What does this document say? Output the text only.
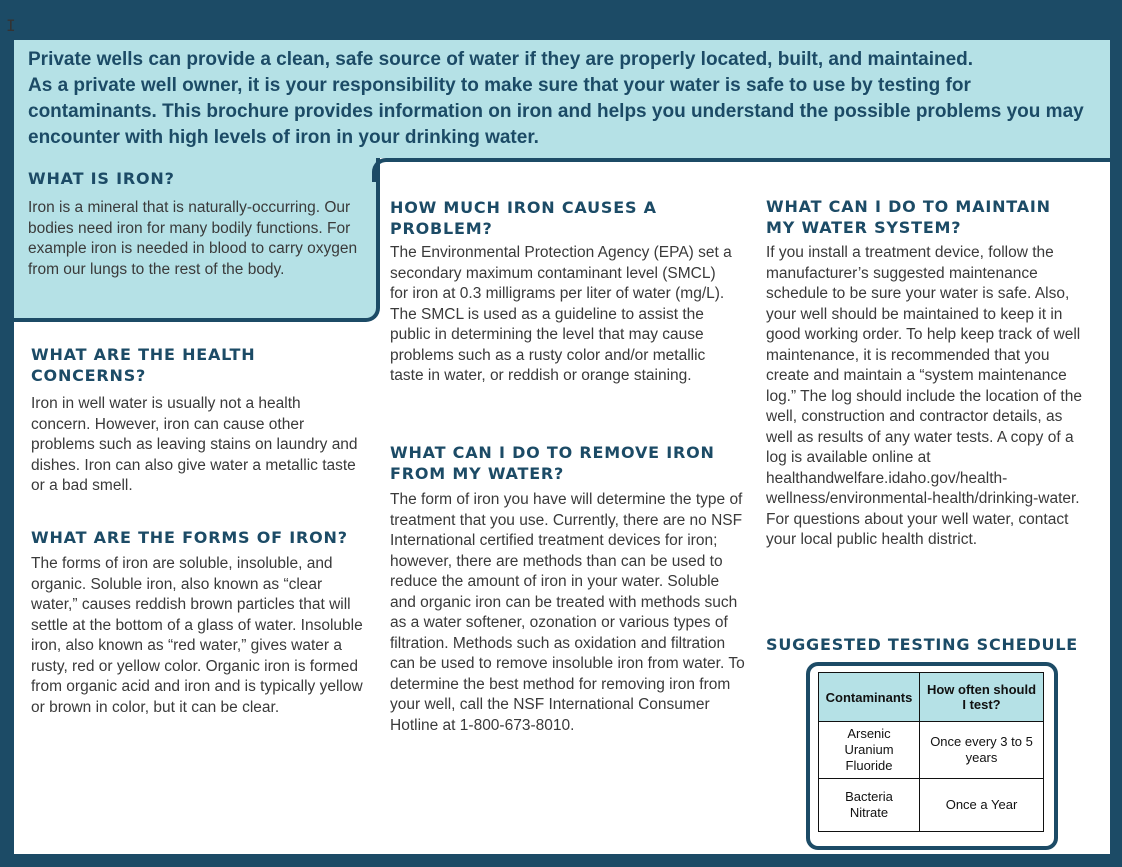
I

Private wells can provide a clean, safe source of water if they are properly located, built, and maintained.

As a private well owner, it is your responsibility to make sure that your water is safe to use by testing for contaminants. This brochure provides information on iron and helps you understand the possible problems you may encounter with high levels of iron in your drinking water.

WHAT IS IRON?

Iron is a mineral that is naturally-occurring. Our bodies need iron for many bodily functions. For example iron is needed in blood to carry oxygen from our lungs to the rest of the body.

WHAT ARE THE HEALTH CONCERNS?

Iron in well water is usually not a health concern. However, iron can cause other problems such as leaving stains on laundry and dishes. Iron can also give water a metallic taste or a bad smell.

WHAT ARE THE FORMS OF IRON?

The forms of iron are soluble, insoluble, and organic. Soluble iron, also known as “clear water,” causes reddish brown particles that will settle at the bottom of a glass of water. Insoluble iron, also known as “red water,” gives water a rusty, red or yellow color. Organic iron is formed from organic acid and iron and is typically yellow or brown in color, but it can be clear.

HOW MUCH IRON CAUSES A PROBLEM?

The Environmental Protection Agency (EPA) set a secondary maximum contaminant level (SMCL) for iron at 0.3 milligrams per liter of water (mg/L). The SMCL is used as a guideline to assist the public in determining the level that may cause problems such as a rusty color and/or metallic taste in water, or reddish or orange staining.

WHAT CAN I DO TO REMOVE IRON FROM MY WATER?

The form of iron you have will determine the type of treatment that you use. Currently, there are no NSF International certified treatment devices for iron; however, there are methods than can be used to reduce the amount of iron in your water. Soluble and organic iron can be treated with methods such as a water softener, ozonation or various types of filtration. Methods such as oxidation and filtration can be used to remove insoluble iron from water. To determine the best method for removing iron from your well, call the NSF International Consumer Hotline at 1-800-673-8010.

WHAT CAN I DO TO MAINTAIN MY WATER SYSTEM?

If you install a treatment device, follow the manufacturer’s suggested maintenance schedule to be sure your water is safe. Also, your well should be maintained to keep it in good working order. To help keep track of well maintenance, it is recommended that you create and maintain a “system maintenance log.” The log should include the location of the well, construction and contractor details, as well as results of any water tests. A copy of a log is available online at healthandwelfare.idaho.gov/health-wellness/environmental-health/drinking-water. For questions about your well water, contact your local public health district.

SUGGESTED TESTING SCHEDULE
Contaminants	How often should I test?
Arsenic
Uranium
Fluoride	Once every 3 to 5 years
Bacteria
Nitrate	Once a Year
